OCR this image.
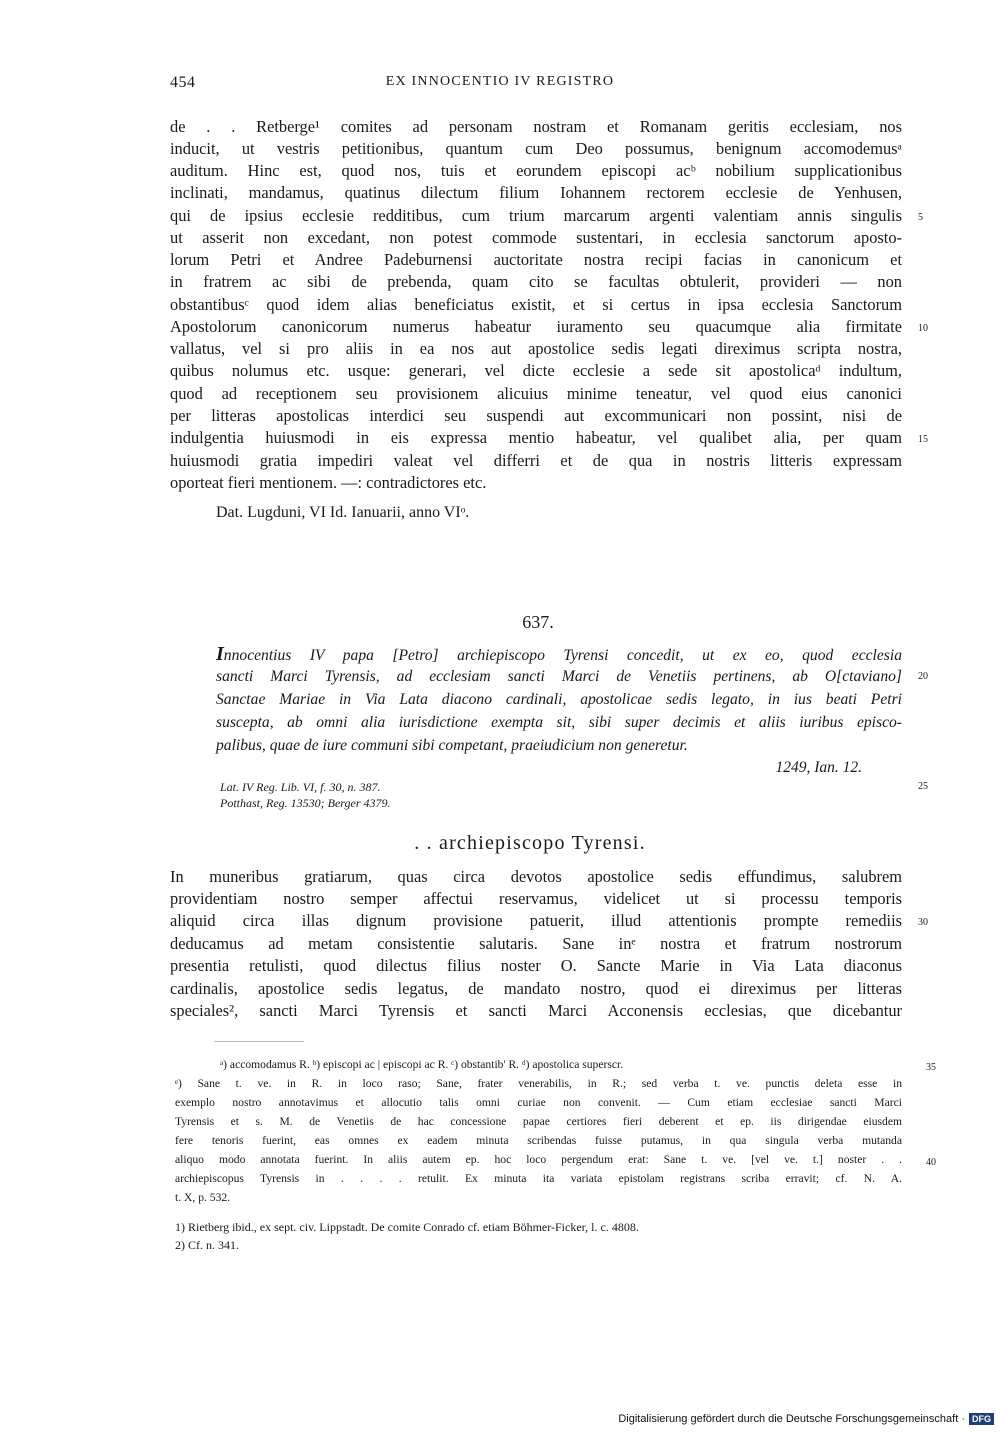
454	EX INNOCENTIO IV REGISTRO
de . . Retberge¹ comites ad personam nostram et Romanam geritis ecclesiam, nos
inducit, ut vestris petitionibus, quantum cum Deo possumus, benignum accomodemusᵃ
auditum. Hinc est, quod nos, tuis et eorundem episcopi acᵇ nobilium supplicationibus
inclinati, mandamus, quatinus dilectum filium Iohannem rectorem ecclesie de Yenhusen,
qui de ipsius ecclesie redditibus, cum trium marcarum argenti valentiam annis singulis
ut asserit non excedant, non potest commode sustentari, in ecclesia sanctorum aposto-
lorum Petri et Andree Padeburnensi auctoritate nostra recipi facias in canonicum et
in fratrem ac sibi de prebenda, quam cito se facultas obtulerit, provideri — non
obstantibusᶜ quod idem alias beneficiatus existit, et si certus in ipsa ecclesia Sanctorum
Apostolorum canonicorum numerus habeatur iuramento seu quacumque alia firmitate
vallatus, vel si pro aliis in ea nos aut apostolice sedis legati direximus scripta nostra,
quibus nolumus etc. usque: generari, vel dicte ecclesie a sede sit apostolicaᵈ indultum,
quod ad receptionem seu provisionem alicuius minime teneatur, vel quod eius canonici
per litteras apostolicas interdici seu suspendi aut excommunicari non possint, nisi de
indulgentia huiusmodi in eis expressa mentio habeatur, vel qualibet alia, per quam
huiusmodi gratia impediri valeat vel differri et de qua in nostris litteris expressam
oporteat fieri mentionem. —: contradictores etc.
5
10
15
Dat. Lugduni, VI Id. Ianuarii, anno VIᵒ.
637.
Innocentius IV papa [Petro] archiepiscopo Tyrensi concedit, ut ex eo, quod ecclesia
sancti Marci Tyrensis, ad ecclesiam sancti Marci de Venetiis pertinens, ab O[ctaviano]
Sanctae Mariae in Via Lata diacono cardinali, apostolicae sedis legato, in ius beati Petri
suscepta, ab omni alia iurisdictione exempta sit, sibi super decimis et aliis iuribus episco-
palibus, quae de iure communi sibi competant, praeiudicium non generetur.
1249, Ian. 12.
20
25
Lat. IV Reg. Lib. VI, f. 30, n. 387.
Potthast, Reg. 13530; Berger 4379.
. . archiepiscopo Tyrensi.
In muneribus gratiarum, quas circa devotos apostolice sedis effundimus, salubrem
providentiam nostro semper affectui reservamus, videlicet ut si processu temporis
aliquid circa illas dignum provisione patuerit, illud attentionis prompte remediis
deducamus ad metam consistentie salutaris. Sane inᵉ nostra et fratrum nostrorum
presentia retulisti, quod dilectus filius noster O. Sancte Marie in Via Lata diaconus
cardinalis, apostolice sedis legatus, de mandato nostro, quod ei direximus per litteras
speciales², sancti Marci Tyrensis et sancti Marci Acconensis ecclesias, que dicebantur
30
ᵃ) accomodamus R. ᵇ) episcopi ac | episcopi ac R. ᶜ) obstantib' R. ᵈ) apostolica superscr.
ᵉ) Sane t. ve. in R. in loco raso; Sane, frater venerabilis, in R.; sed verba t. ve. punctis deleta esse in
exemplo nostro annotavimus et allocutio talis omni curiae non convenit. — Cum etiam ecclesiae sancti Marci
Tyrensis et s. M. de Venetiis de hac concessione papae certiores fieri deberent et ep. iis dirigendae eiusdem
fere tenoris fuerint, eas omnes ex eadem minuta scribendas fuisse putamus, in qua singula verba mutanda
aliquo modo annotata fuerint. In aliis autem ep. hoc loco pergendum erat: Sane t. ve. [vel ve. t.] noster . .
archiepiscopus Tyrensis in . . . . retulit. Ex minuta ita variata epistolam registrans scriba erravit; cf. N. A.
t. X, p. 532.
35
40
1) Rietberg ibid., ex sept. civ. Lippstadt. De comite Conrado cf. etiam Böhmer-Ficker, l. c. 4808.
2) Cf. n. 341.
Digitalisierung gefördert durch die Deutsche Forschungsgemeinschaft · DFG
